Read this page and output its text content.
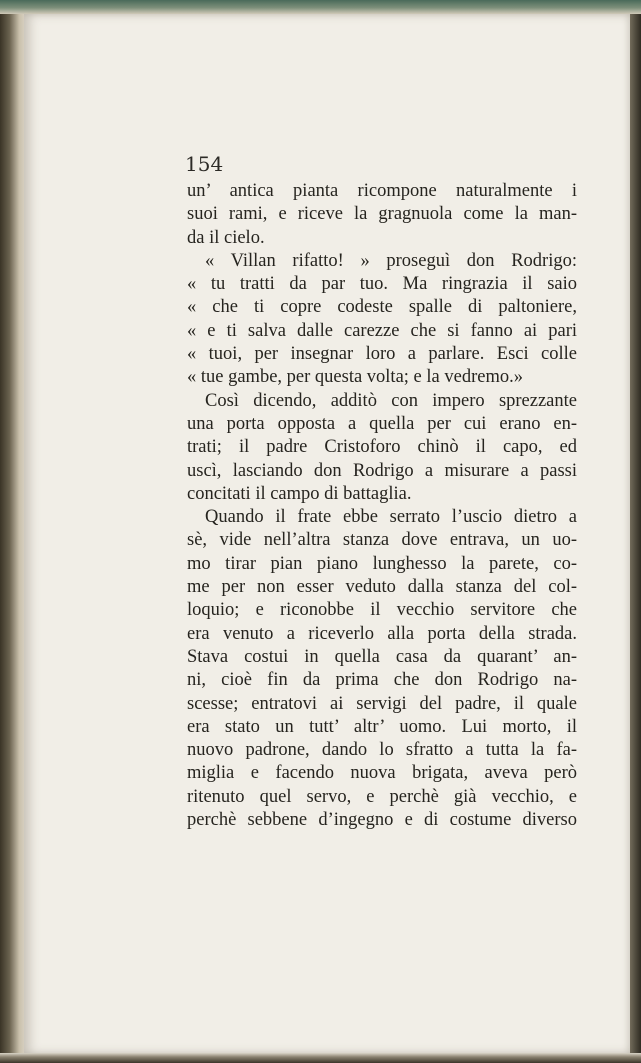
154
un’ antica pianta ricompone naturalmente i
suoi rami, e riceve la gragnuola come la man-
da il cielo.
« Villan rifatto! » proseguì don Rodrigo:
« tu tratti da par tuo. Ma ringrazia il saio
« che ti copre codeste spalle di paltoniere,
« e ti salva dalle carezze che si fanno ai pari
« tuoi, per insegnar loro a parlare. Esci colle
« tue gambe, per questa volta; e la vedremo.»
Così dicendo, additò con impero sprezzante
una porta opposta a quella per cui erano en-
trati; il padre Cristoforo chinò il capo, ed
uscì, lasciando don Rodrigo a misurare a passi
concitati il campo di battaglia.
Quando il frate ebbe serrato l’uscio dietro a
sè, vide nell’altra stanza dove entrava, un uo-
mo tirar pian piano lunghesso la parete, co-
me per non esser veduto dalla stanza del col-
loquio; e riconobbe il vecchio servitore che
era venuto a riceverlo alla porta della strada.
Stava costui in quella casa da quarant’ an-
ni, cioè fin da prima che don Rodrigo na-
scesse; entratovi ai servigi del padre, il quale
era stato un tutt’ altr’ uomo. Lui morto, il
nuovo padrone, dando lo sfratto a tutta la fa-
miglia e facendo nuova brigata, aveva però
ritenuto quel servo, e perchè già vecchio, e
perchè sebbene d’ingegno e di costume diverso
